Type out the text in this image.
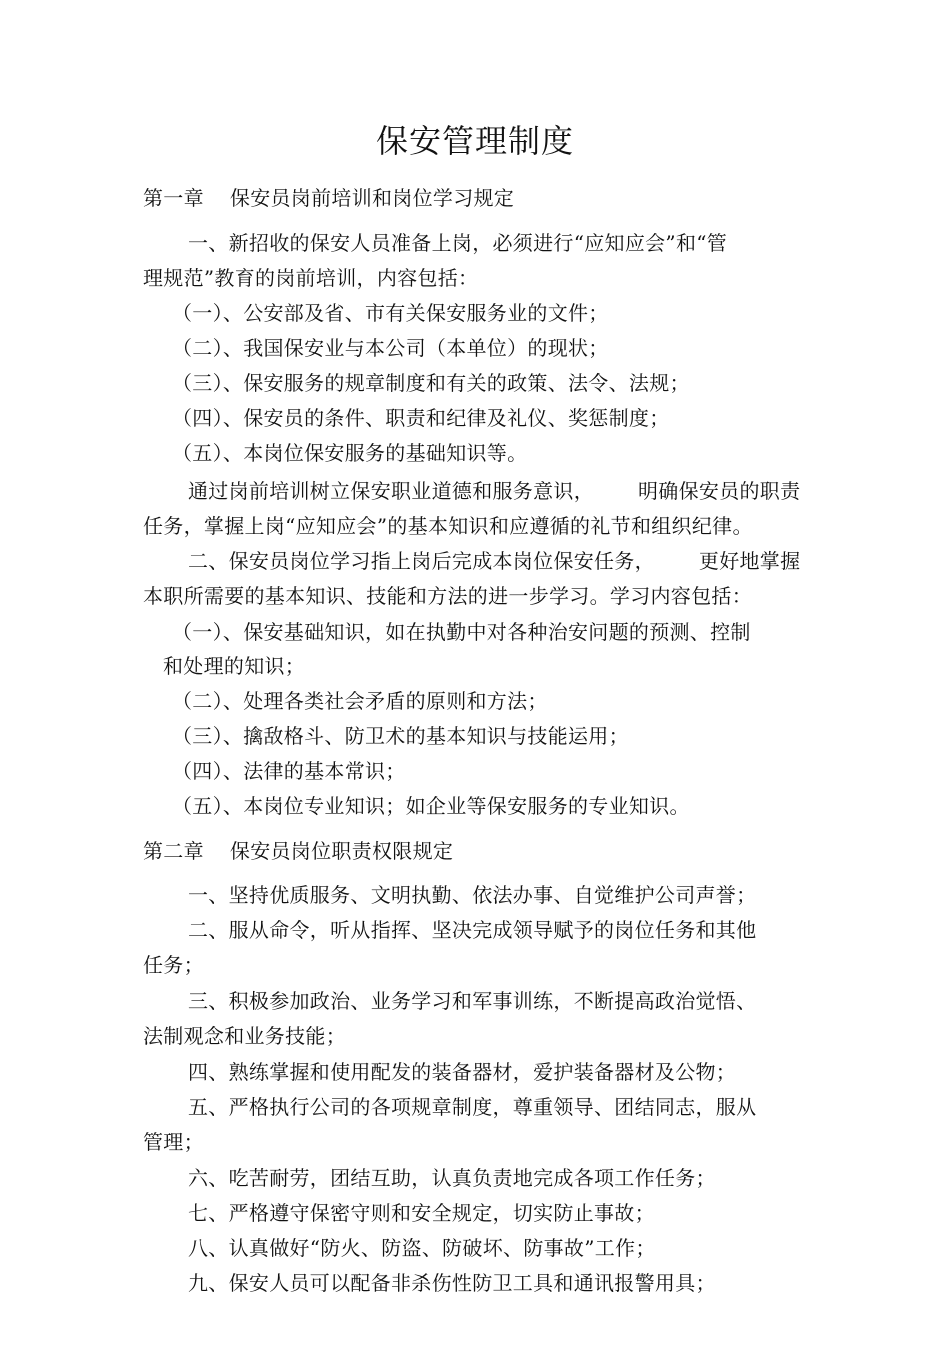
保安管理制度
第一章 保安员岗前培训和岗位学习规定
一、新招收的保安人员准备上岗，必须进行“应知应会”和“管
理规范”教育的岗前培训，内容包括：
（一）、公安部及省、市有关保安服务业的文件；
（二）、我国保安业与本公司（本单位）的现状；
（三）、保安服务的规章制度和有关的政策、法令、法规；
（四）、保安员的条件、职责和纪律及礼仪、奖惩制度；
（五）、本岗位保安服务的基础知识等。
通过岗前培训树立保安职业道德和服务意识， 明确保安员的职责
任务，掌握上岗“应知应会”的基本知识和应遵循的礼节和组织纪律。
二、保安员岗位学习指上岗后完成本岗位保安任务， 更好地掌握
本职所需要的基本知识、技能和方法的进一步学习。学习内容包括：
（一）、保安基础知识，如在执勤中对各种治安问题的预测、控制
和处理的知识；
（二）、处理各类社会矛盾的原则和方法；
（三）、擒敌格斗、防卫术的基本知识与技能运用；
（四）、法律的基本常识；
（五）、本岗位专业知识；如企业等保安服务的专业知识。
第二章 保安员岗位职责权限规定
一、坚持优质服务、文明执勤、依法办事、自觉维护公司声誉；
二、服从命令，听从指挥、坚决完成领导赋予的岗位任务和其他
任务；
三、积极参加政治、业务学习和军事训练，不断提高政治觉悟、
法制观念和业务技能；
四、熟练掌握和使用配发的装备器材，爱护装备器材及公物；
五、严格执行公司的各项规章制度，尊重领导、团结同志，服从
管理；
六、吃苦耐劳，团结互助，认真负责地完成各项工作任务；
七、严格遵守保密守则和安全规定，切实防止事故；
八、认真做好“防火、防盗、防破坏、防事故”工作；
九、保安人员可以配备非杀伤性防卫工具和通讯报警用具；
